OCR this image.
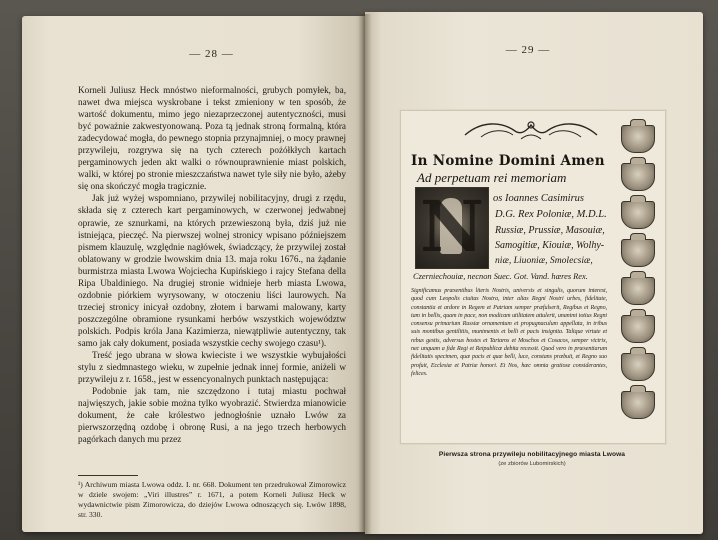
— 28 —

Korneli Juliusz Heck mnóstwo nieformalności, grubych pomyłek, ba, nawet dwa miejsca wyskrobane i tekst zmieniony w ten sposób, że wartość dokumentu, mimo jego niezaprzeczonej autentyczności, musi być poważnie zakwestyonowaną. Poza tą jednak stroną formalną, która zadecydować mogła, do pewnego stopnia przynajmniej, o mocy prawnej przywileju, rozgrywa się na tych czterech pożółkłych kartach pergaminowych jeden akt walki o równouprawnienie miast polskich, walki, w której po stronie mieszczaństwa nawet tyle siły nie było, ażeby się ona skończyć mogła tragicznie.

Jak już wyżej wspomniano, przywilej nobilitacyjny, drugi z rzędu, składa się z czterech kart pergaminowych, w czerwonej jedwabnej oprawie, ze sznurkami, na których przewieszoną była, dziś już nie istniejąca, pieczęć. Na pierwszej wolnej stronicy wpisano późniejszem pismem klauzulę, względnie nagłówek, świadczący, że przywilej został oblatowany w grodzie lwowskim dnia 13. maja roku 1676., na żądanie burmistrza miasta Lwowa Wojciecha Kupińskiego i rajcy Stefana della Ripa Ubaldiniego. Na drugiej stronie widnieje herb miasta Lwowa, ozdobnie piórkiem wyrysowany, w otoczeniu liści laurowych. Na trzeciej stronicy inicyał ozdobny, złotem i barwami malowany, karty poszczególne obramione rysunkami herbów wszystkich województw polskich. Podpis króla Jana Kazimierza, niewątpliwie autentyczny, tak samo jak cały dokument, posiada wszystkie cechy swojego czasu¹).

Treść jego ubrana w słowa kwieciste i we wszystkie wybujałości stylu z siedmnastego wieku, w zupełnie jednak innej formie, aniżeli w przywileju z r. 1658., jest w essencyonalnych punktach następująca:

Podobnie jak tam, nie szczędzono i tutaj miastu pochwał najwięszych, jakie sobie można tylko wyobrazić. Stwierdza mianowicie dokument, że całe królestwo jednogłośnie uznało Lwów za pierwszorzędną ozdobę i obronę Rusi, a na jego trzech herbowych pagórkach danych mu przez

¹) Archiwum miasta Lwowa oddz. I. nr. 668. Dokument ten przedrukował Zimorowicz w dziele swojem: „Viri illustres” r. 1671, a potem Korneli Juliusz Heck w wydawnictwie pism Zimorowicza, do dziejów Lwowa odnoszących się. Lwów 1898, str. 330.
— 29 —
In Nomine Domini Amen
Ad perpetuam rei memoriam
N os Ioannes Casimirus
D.G. Rex Poloniæ, M.D.L.
Russiæ, Prussiæ, Masouiæ,
Samogitiæ, Kiouiæ, Wolhy-
niæ, Liuoniæ, Smolecsiæ,
Czerniechouiæ, necnon Suec. Got. Vand. hæres Rex.
Significamus præsentibus literis Nostris, universis et singulis, quorum interest, quod cum Leopolis ciuitas Nostra, inter alias Regni Nostri urbes, fidelitate, constantia et ardore in Regem et Patriam semper præfulserit, Regibus et Regno, tam in bellis, quam in pace, non modicam utilitatem attulerit, unanimi totius Regni consensu primarium Russiæ ornamentum et propugnaculum appellata, in tribus suis montibus gentilitiis, munimentis et belli et pacis insignita. Talique virtute et rebus gestis, adversus hostes et Tartaros et Moschos et Cosacos, semper victrix, nec unquam a fide Regi et Reipublicæ debita recessit. Quod vero in præsentiarum fidelitatis specimen, quæ pacis et quæ belli, luce, constans præbuit, et Regno suo profuit, Ecclesiæ et Patriæ honori. Et Nos, hæc omnia gratiose considerantes, felices.
Pierwsza strona przywileju nobilitacyjnego miasta Lwowa
(ze zbiorów Lubomirskich)
